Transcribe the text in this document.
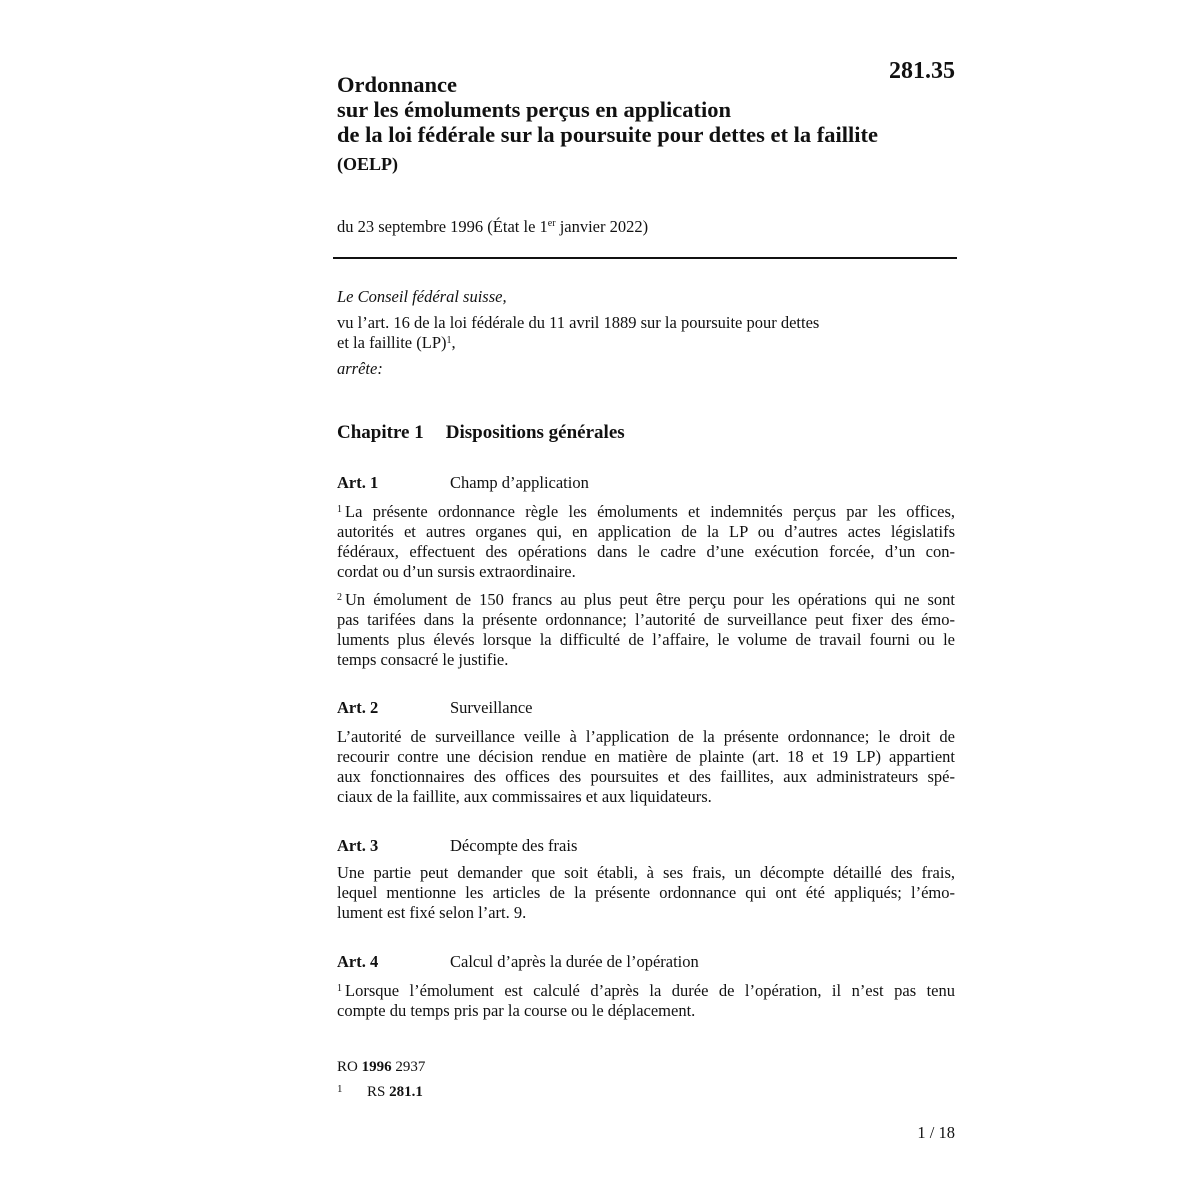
281.35
Ordonnance
sur les émoluments perçus en application
de la loi fédérale sur la poursuite pour dettes et la faillite
(OELP)
du 23 septembre 1996 (État le 1er janvier 2022)
Le Conseil fédéral suisse,
vu l’art. 16 de la loi fédérale du 11 avril 1889 sur la poursuite pour dettes
et la faillite (LP)$^1$,
arrête:
Chapitre 1 Dispositions générales
Art. 1	Champ d’application
$^1$ La présente ordonnance règle les émoluments et indemnités perçus par les offices,
autorités et autres organes qui, en application de la LP ou d’autres actes législatifs
fédéraux, effectuent des opérations dans le cadre d’une exécution forcée, d’un con-
cordat ou d’un sursis extraordinaire.
$^2$ Un émolument de 150 francs au plus peut être perçu pour les opérations qui ne sont
pas tarifées dans la présente ordonnance; l’autorité de surveillance peut fixer des émo-
luments plus élevés lorsque la difficulté de l’affaire, le volume de travail fourni ou le
temps consacré le justifie.
Art. 2	Surveillance
L’autorité de surveillance veille à l’application de la présente ordonnance; le droit de
recourir contre une décision rendue en matière de plainte (art. 18 et 19 LP) appartient
aux fonctionnaires des offices des poursuites et des faillites, aux administrateurs spé-
ciaux de la faillite, aux commissaires et aux liquidateurs.
Art. 3	Décompte des frais
Une partie peut demander que soit établi, à ses frais, un décompte détaillé des frais,
lequel mentionne les articles de la présente ordonnance qui ont été appliqués; l’émo-
lument est fixé selon l’art. 9.
Art. 4	Calcul d’après la durée de l’opération
$^1$ Lorsque l’émolument est calculé d’après la durée de l’opération, il n’est pas tenu
compte du temps pris par la course ou le déplacement.
RO 1996 2937
1 RS 281.1
1 / 18
